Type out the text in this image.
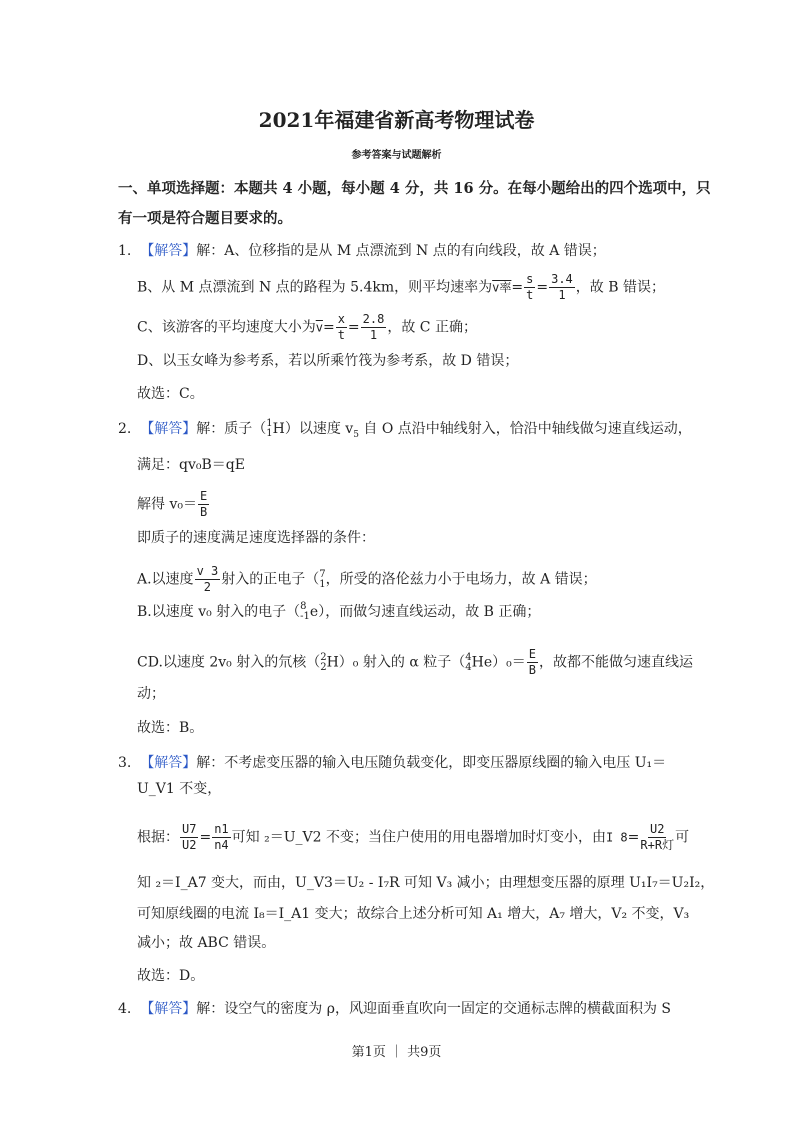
2021年福建省新高考物理试卷
参考答案与试题解析
一、单项选择题：本题共 4 小题，每小题 4 分，共 16 分。在每小题给出的四个选项中，只
有一项是符合题目要求的。
1. 【解答】解：A、位移指的是从 M 点漂流到 N 点的有向线段，故 A 错误；
B、从 M 点漂流到 N 点的路程为 5.4km，则平均速率为v率= $\frac{s}{t} = \frac{3.4}{1}$ ，故 B 错误；
C、该游客的平均速度大小为$\overline{v}= \frac{x}{t} = \frac{2.8}{1}$ ，故 C 正确；
D、以玉女峰为参考系，若以所乘竹筏为参考系，故 D 错误；
故选：C。
2. 【解答】解：质子（ 1
1 H）以速度 $v_5$ 自 O 点沿中轴线射入，恰沿中轴线做匀速直线运动，
满足：qv₀B＝qE
解得 $v_0= \frac{E}{B}$
即质子的速度满足速度选择器的条件：
A.以速度 $\frac{v 3}{2}$ 射入的正电子（ 7
1 ，所受的洛伦兹力小于电场力，故 A 错误；
B.以速度 v₀ 射入的电子（ 8
-1 e），而做匀速直线运动，故 B 正确；
CD.以速度 2v₀ 射入的氘核（ 2
2 H）₀ 射入的 α 粒子（ 4
4 $He)_0= \frac{E}{B}$ ，故都不能做匀速直线运
动；
故选：B。
3. 【解答】解：不考虑变压器的输入电压随负载变化，即变压器原线圈的输入电压 U₁＝
U_V1 不变，
根据： $\frac{U7}{U2} = \frac{n1}{n4}$ 可知 ₂＝U_V2 不变；当住户使用的用电器增加时灯变小，由I $8= \frac{U2}{\text{R+R灯}}$ 可
知 ₂＝I_A7 变大，而由，U_V3＝U₂ - I₇R 可知 V₃ 减小；由理想变压器的原理 U₁I₇＝U₂I₂，
可知原线圈的电流 I₈＝I_A1 变大；故综合上述分析可知 A₁ 增大，A₇ 增大，V₂ 不变，V₃
减小；故 ABC 错误。
故选：D。
4. 【解答】解：设空气的密度为 ρ，风迎面垂直吹向一固定的交通标志牌的横截面积为 S
第1页 ｜ 共9页
